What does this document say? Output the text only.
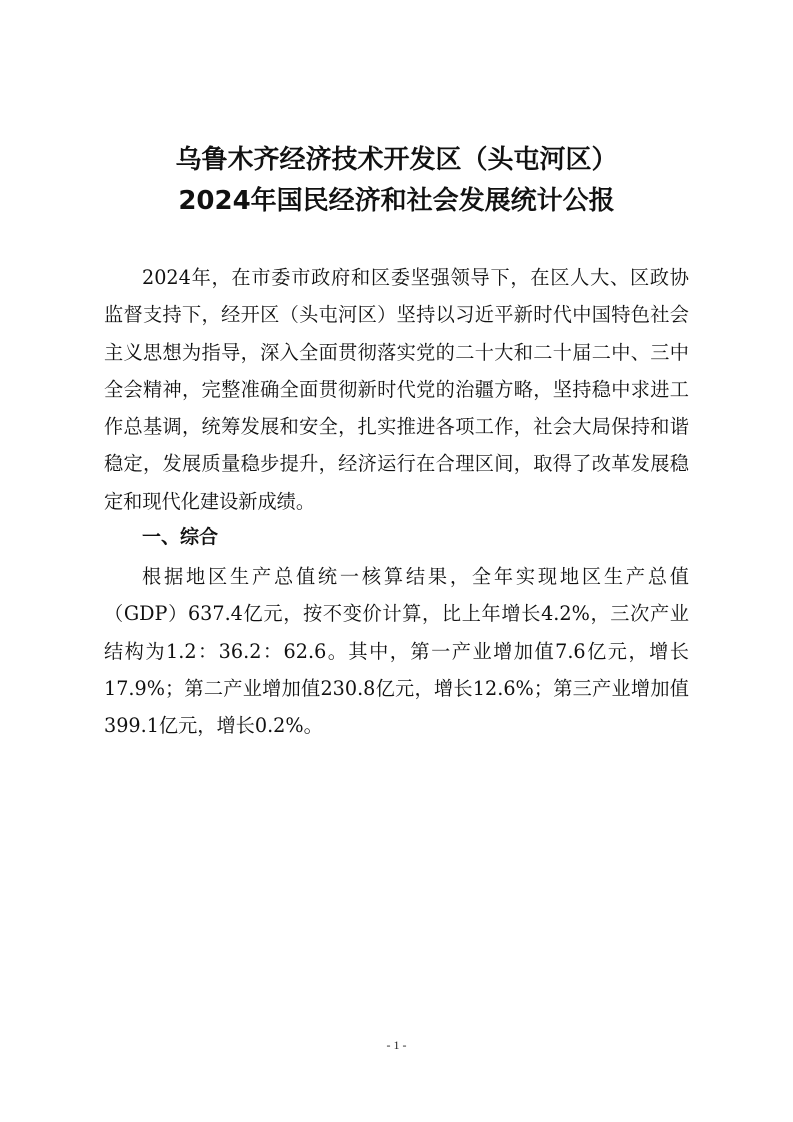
乌鲁木齐经济技术开发区（头屯河区）
2024年国民经济和社会发展统计公报

2024年，在市委市政府和区委坚强领导下，在区人大、区政协监督支持下，经开区（头屯河区）坚持以习近平新时代中国特色社会主义思想为指导，深入全面贯彻落实党的二十大和二十届二中、三中全会精神，完整准确全面贯彻新时代党的治疆方略，坚持稳中求进工作总基调，统筹发展和安全，扎实推进各项工作，社会大局保持和谐稳定，发展质量稳步提升，经济运行在合理区间，取得了改革发展稳定和现代化建设新成绩。

一、综合

根据地区生产总值统一核算结果，全年实现地区生产总值（GDP）637.4亿元，按不变价计算，比上年增长4.2%，三次产业结构为1.2：36.2：62.6。其中，第一产业增加值7.6亿元，增长17.9%；第二产业增加值230.8亿元，增长12.6%；第三产业增加值399.1亿元，增长0.2%。

- 1 -
